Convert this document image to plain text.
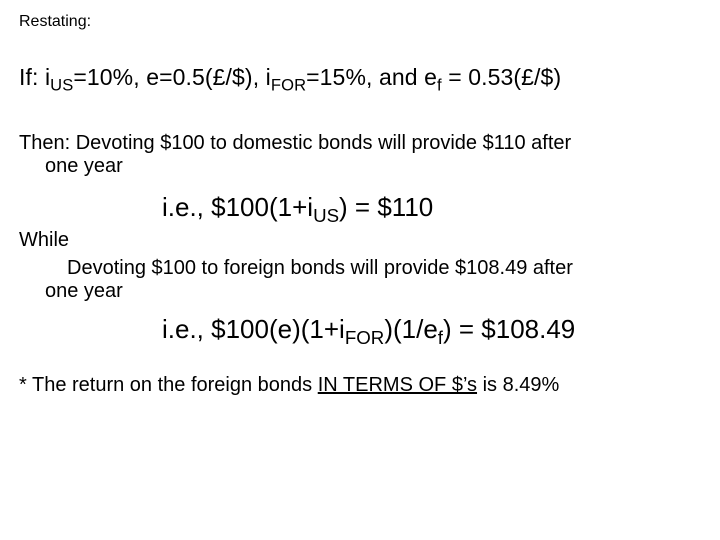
Restating:
If: $i_{US}=10\%$, e=0.5(£/$), $i_{FOR}=15\%$, and $e_f$ = 0.53(£/$)
Then: Devoting $100 to domestic bonds will provide $110 after
one year
i.e., $\$100(1+i_{US})$ = $110
While
Devoting $100 to foreign bonds will provide $108.49 after
one year
i.e., $\$100(e)(1+i_{FOR})(1/e_f)$ = $108.49
* The return on the foreign bonds IN TERMS OF $’s is 8.49%
